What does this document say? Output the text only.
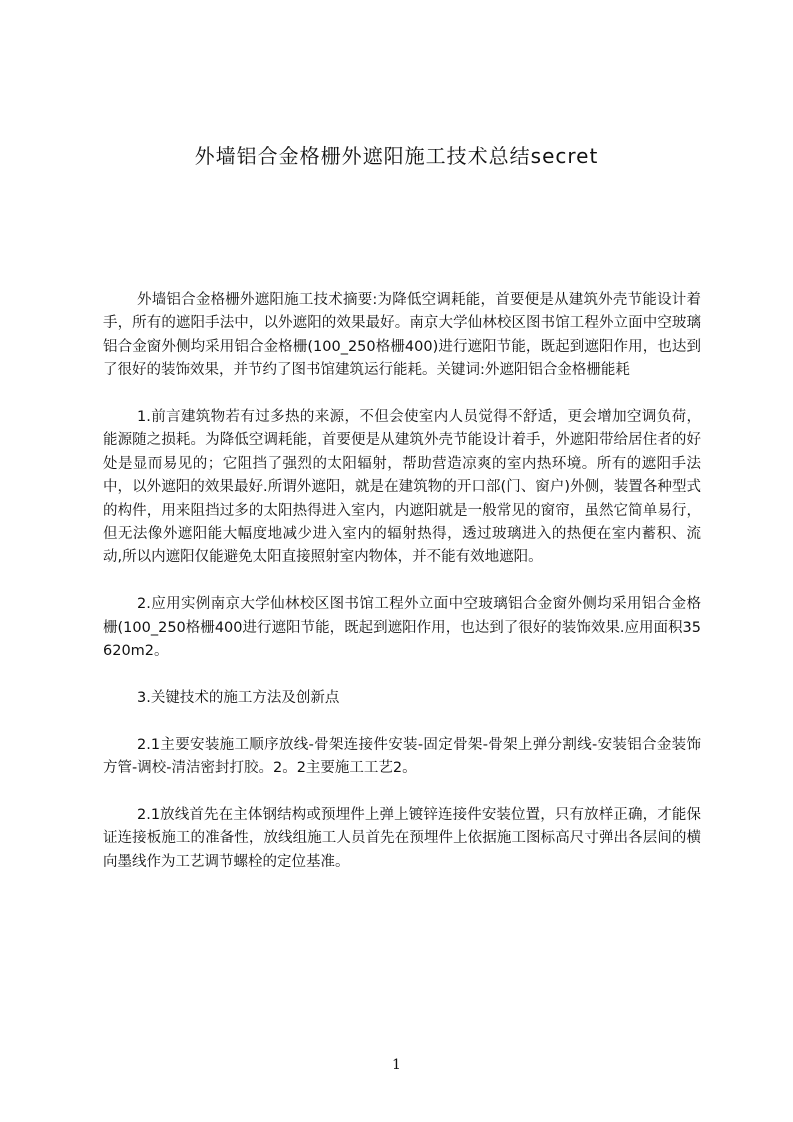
外墙铝合金格栅外遮阳施工技术总结secret

外墙铝合金格栅外遮阳施工技术摘要:为降低空调耗能，首要便是从建筑外壳节能设计着手，所有的遮阳手法中，以外遮阳的效果最好。南京大学仙林校区图书馆工程外立面中空玻璃铝合金窗外侧均采用铝合金格栅(100_250格栅400)进行遮阳节能，既起到遮阳作用，也达到了很好的装饰效果，并节约了图书馆建筑运行能耗。关键词:外遮阳铝合金格栅能耗

1.前言建筑物若有过多热的来源，不但会使室内人员觉得不舒适，更会增加空调负荷，能源随之损耗。为降低空调耗能，首要便是从建筑外壳节能设计着手，外遮阳带给居住者的好处是显而易见的；它阻挡了强烈的太阳辐射，帮助营造凉爽的室内热环境。所有的遮阳手法中，以外遮阳的效果最好.所谓外遮阳，就是在建筑物的开口部(门、窗户)外侧，装置各种型式的构件，用来阻挡过多的太阳热得进入室内，内遮阳就是一般常见的窗帘，虽然它简单易行，但无法像外遮阳能大幅度地减少进入室内的辐射热得，透过玻璃进入的热便在室内蓄积、流动,所以内遮阳仅能避免太阳直接照射室内物体，并不能有效地遮阳。

2.应用实例南京大学仙林校区图书馆工程外立面中空玻璃铝合金窗外侧均采用铝合金格栅(100_250格栅400进行遮阳节能，既起到遮阳作用，也达到了很好的装饰效果.应用面积35620m2。

3.关键技术的施工方法及创新点

2.1主要安装施工顺序放线-骨架连接件安装-固定骨架-骨架上弹分割线-安装铝合金装饰方管-调校-清洁密封打胶。2。2主要施工工艺2。

2.1放线首先在主体钢结构或预埋件上弹上镀锌连接件安装位置，只有放样正确，才能保证连接板施工的准备性，放线组施工人员首先在预埋件上依据施工图标高尺寸弹出各层间的横向墨线作为工艺调节螺栓的定位基准。

1
